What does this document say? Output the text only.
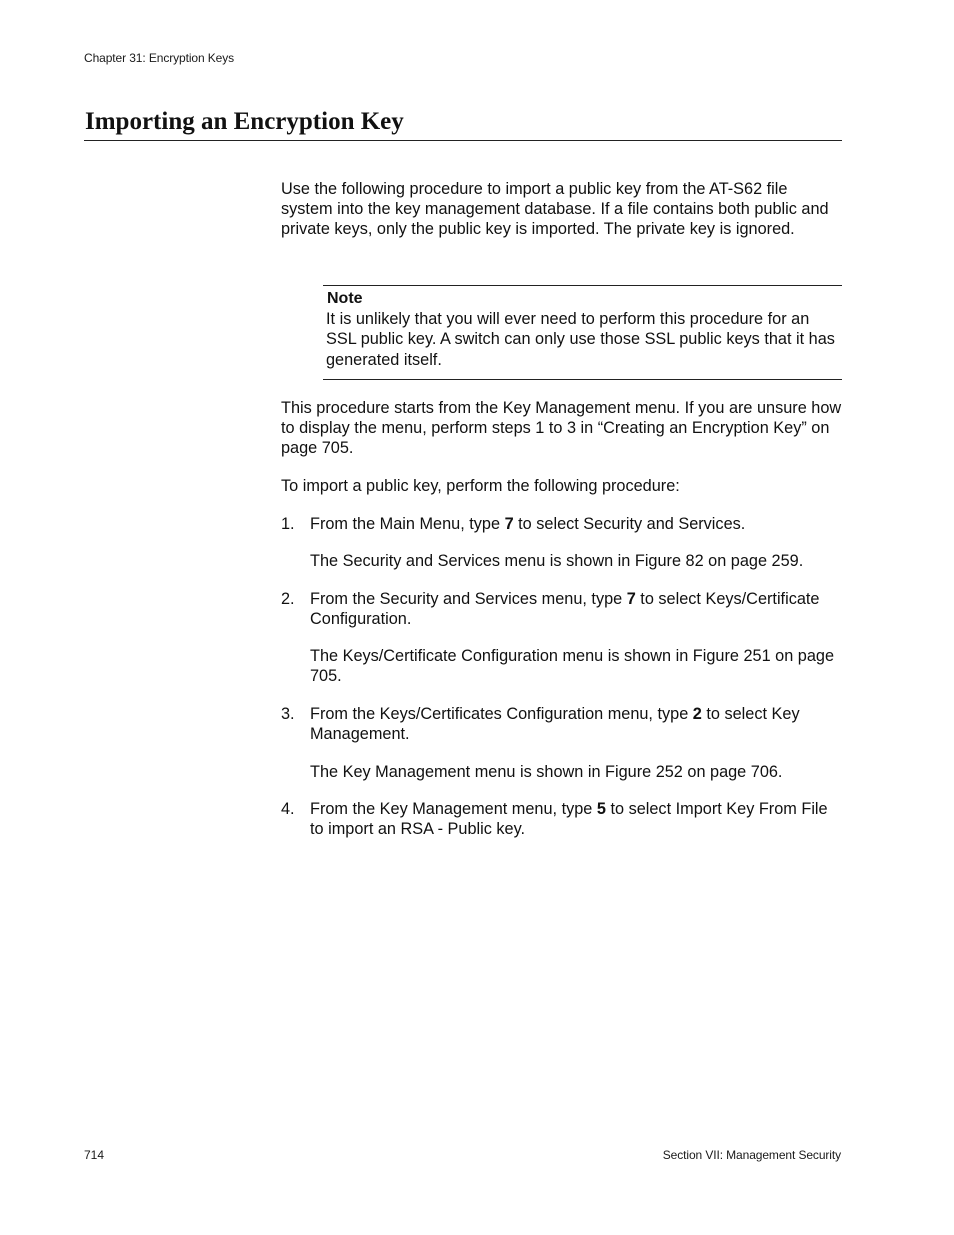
Chapter 31: Encryption Keys
Importing an Encryption Key

Use the following procedure to import a public key from the AT-S62 file system into the key management database. If a file contains both public and private keys, only the public key is imported. The private key is ignored.

Note

It is unlikely that you will ever need to perform this procedure for an SSL public key. A switch can only use those SSL public keys that it has generated itself.

This procedure starts from the Key Management menu. If you are unsure how to display the menu, perform steps 1 to 3 in “Creating an Encryption Key” on page 705.

To import a public key, perform the following procedure:

1. From the Main Menu, type 7 to select Security and Services.

The Security and Services menu is shown in Figure 82 on page 259.

2. From the Security and Services menu, type 7 to select Keys/Certificate Configuration.

The Keys/Certificate Configuration menu is shown in Figure 251 on page 705.

3. From the Keys/Certificates Configuration menu, type 2 to select Key Management.

The Key Management menu is shown in Figure 252 on page 706.

4. From the Key Management menu, type 5 to select Import Key From File to import an RSA - Public key.
714	Section VII: Management Security
